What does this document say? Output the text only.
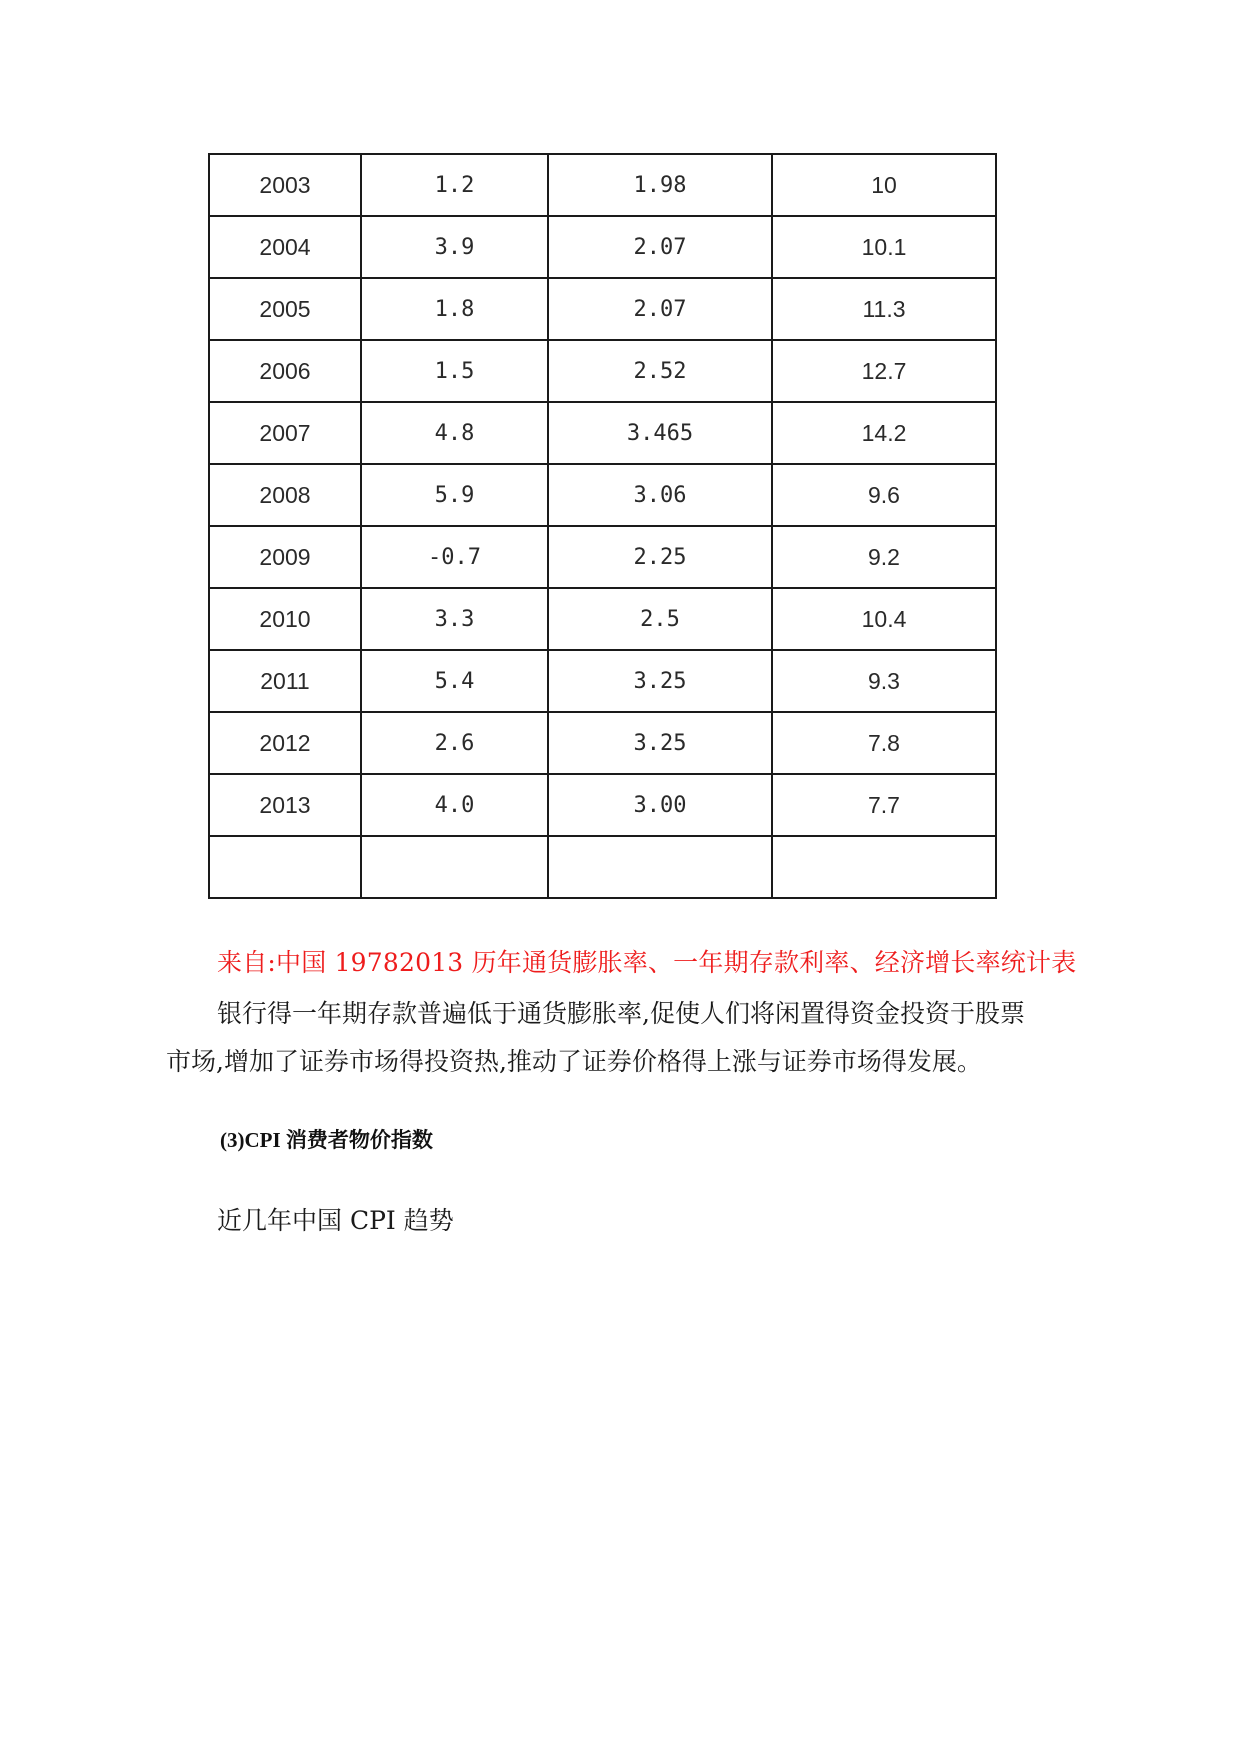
2003	1.2	1.98	10
2004	3.9	2.07	10.1
2005	1.8	2.07	11.3
2006	1.5	2.52	12.7
2007	4.8	3.465	14.2
2008	5.9	3.06	9.6
2009	-0.7	2.25	9.2
2010	3.3	2.5	10.4
2011	5.4	3.25	9.3
2012	2.6	3.25	7.8
2013	4.0	3.00	7.7

来自:中国 19782013 历年通货膨胀率、一年期存款利率、经济增长率统计表
银行得一年期存款普遍低于通货膨胀率,促使人们将闲置得资金投资于股票
市场,增加了证券市场得投资热,推动了证券价格得上涨与证券市场得发展。
(3)CPI 消费者物价指数
近几年中国 CPI 趋势
